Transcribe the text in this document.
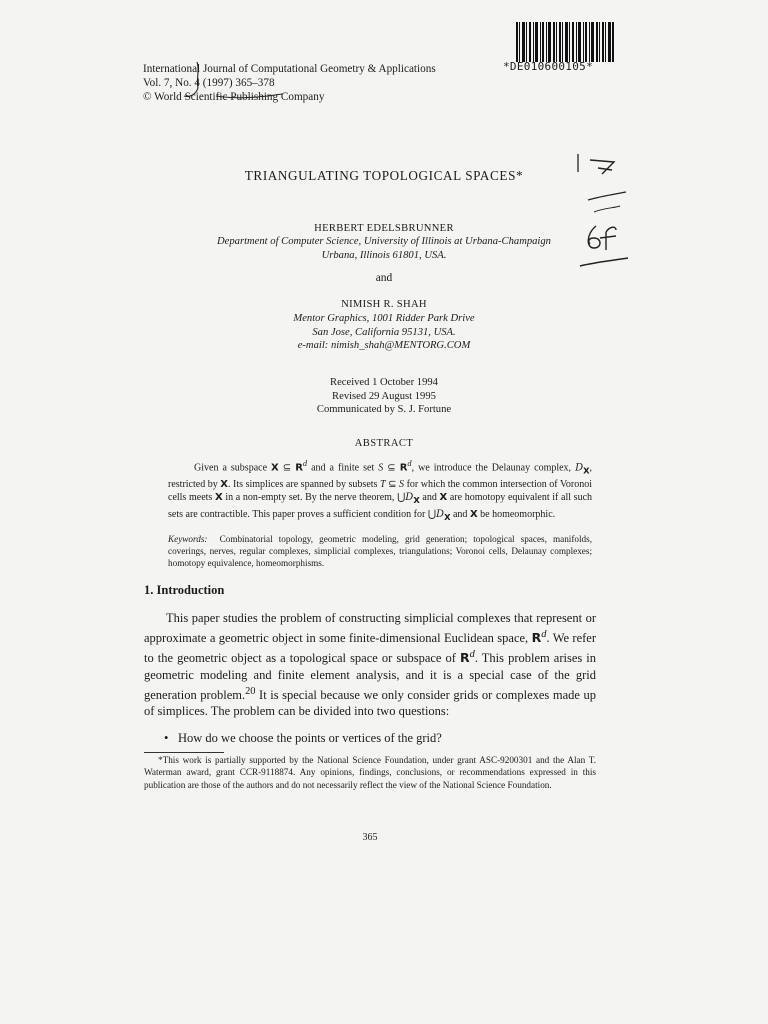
*DE010600105*
International Journal of Computational Geometry & Applications
Vol. 7, No. 4 (1997) 365–378
© World Scientific Publishing Company
TRIANGULATING TOPOLOGICAL SPACES*
HERBERT EDELSBRUNNER
Department of Computer Science, University of Illinois at Urbana-Champaign
Urbana, Illinois 61801, USA.
and
NIMISH R. SHAH
Mentor Graphics, 1001 Ridder Park Drive
San Jose, California 95131, USA.
e-mail: nimish_shah@MENTORG.COM
Received 1 October 1994
Revised 29 August 1995
Communicated by S. J. Fortune
ABSTRACT

Given a subspace X ⊆ $R^d$ and a finite set S ⊆ $R^d$, we introduce the Delaunay complex, $D_X$, restricted by X. Its simplices are spanned by subsets T ⊆ S for which the common intersection of Voronoi cells meets X in a non-empty set. By the nerve theorem, $⋃D_X$ and X are homotopy equivalent if all such sets are contractible. This paper proves a sufficient condition for $⋃D_X$ and X be homeomorphic.

Keywords: Combinatorial topology, geometric modeling, grid generation; topological spaces, manifolds, coverings, nerves, regular complexes, simplicial complexes, triangulations; Voronoi cells, Delaunay complexes; homotopy equivalence, homeomorphisms.
1. Introduction

This paper studies the problem of constructing simplicial complexes that represent or approximate a geometric object in some finite-dimensional Euclidean space, $R^d$. We refer to the geometric object as a topological space or subspace of $R^d$. This problem arises in geometric modeling and finite element analysis, and it is a special case of the grid generation problem.$^{20}$ It is special because we only consider grids or complexes made up of simplices. The problem can be divided into two questions:

• How do we choose the points or vertices of the grid?

*This work is partially supported by the National Science Foundation, under grant ASC-9200301 and the Alan T. Waterman award, grant CCR-9118874. Any opinions, findings, conclusions, or recommendations expressed in this publication are those of the authors and do not necessarily reflect the view of the National Science Foundation.

365
